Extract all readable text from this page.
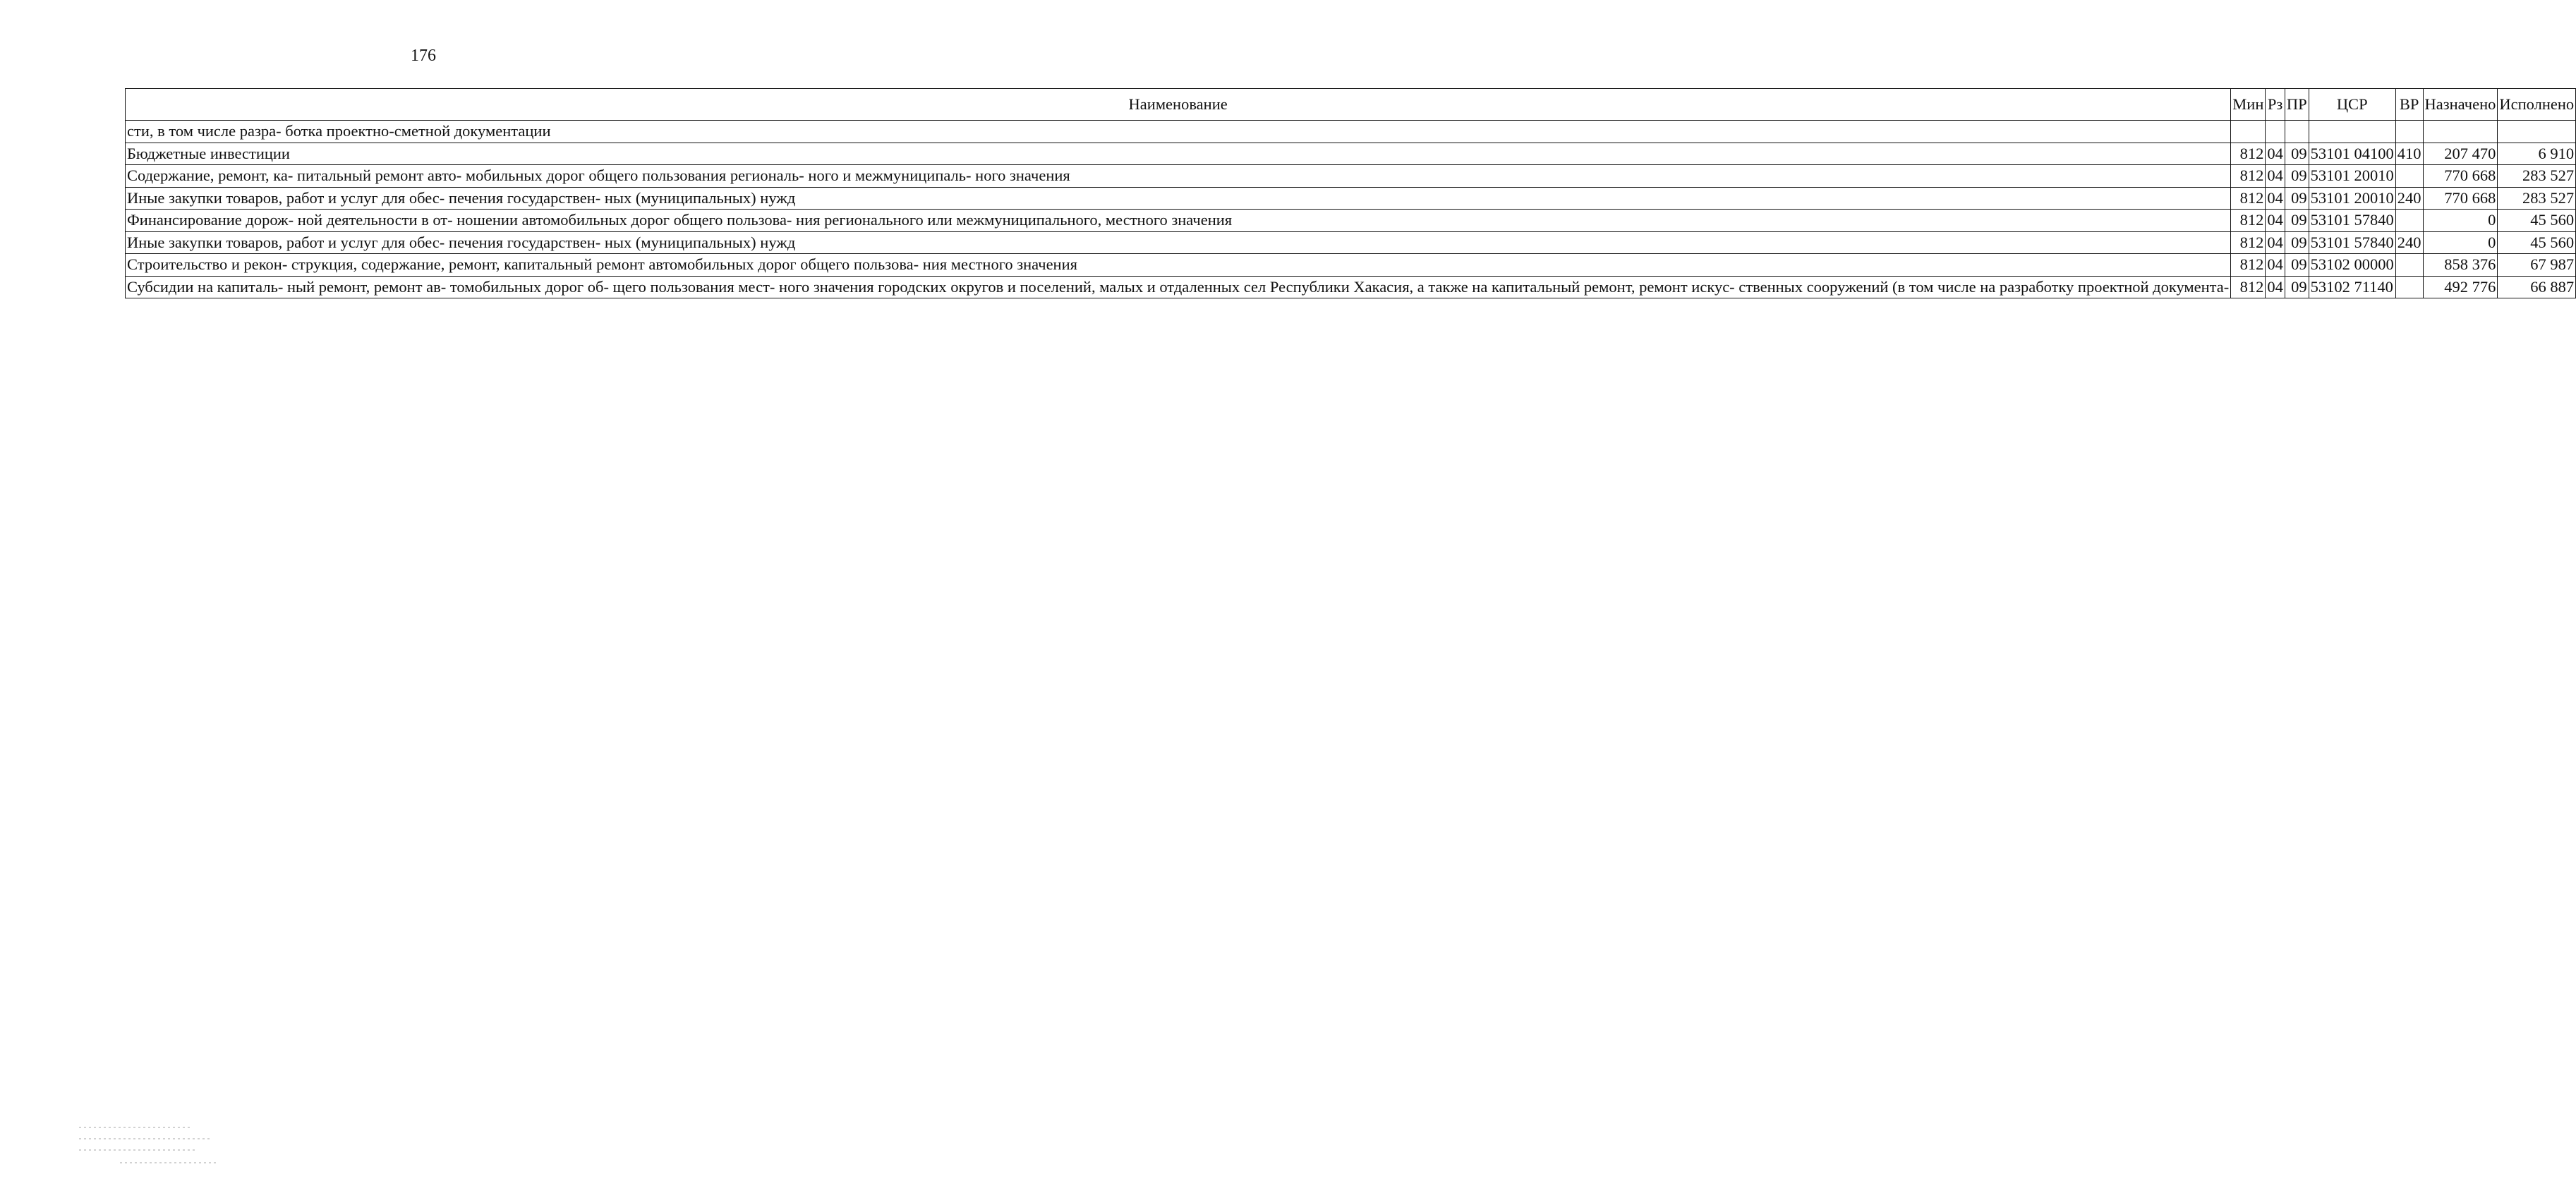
176
Наименование	Мин	Рз	ПР	ЦСР	ВР	Назначено	Исполнено
сти, в том числе разра- ботка проектно-сметной документации							
Бюджетные инвестиции	812	04	09	53101 04100	410	207 470	6 910
Содержание, ремонт, ка- питальный ремонт авто- мобильных дорог общего пользования региональ- ного и межмуниципаль- ного значения	812	04	09	53101 20010		770 668	283 527
Иные закупки товаров, работ и услуг для обес- печения государствен- ных (муниципальных) нужд	812	04	09	53101 20010	240	770 668	283 527
Финансирование дорож- ной деятельности в от- ношении автомобильных дорог общего пользова- ния регионального или межмуниципального, местного значения	812	04	09	53101 57840		0	45 560
Иные закупки товаров, работ и услуг для обес- печения государствен- ных (муниципальных) нужд	812	04	09	53101 57840	240	0	45 560
Строительство и рекон- струкция, содержание, ремонт, капитальный ремонт автомобильных дорог общего пользова- ния местного значения	812	04	09	53102 00000		858 376	67 987
Субсидии на капиталь- ный ремонт, ремонт ав- томобильных дорог об- щего пользования мест- ного значения городских округов и поселений, малых и отдаленных сел Республики Хакасия, а также на капитальный ремонт, ремонт искус- ственных сооружений (в том числе на разработку проектной документа-	812	04	09	53102 71140		492 776	66 887
